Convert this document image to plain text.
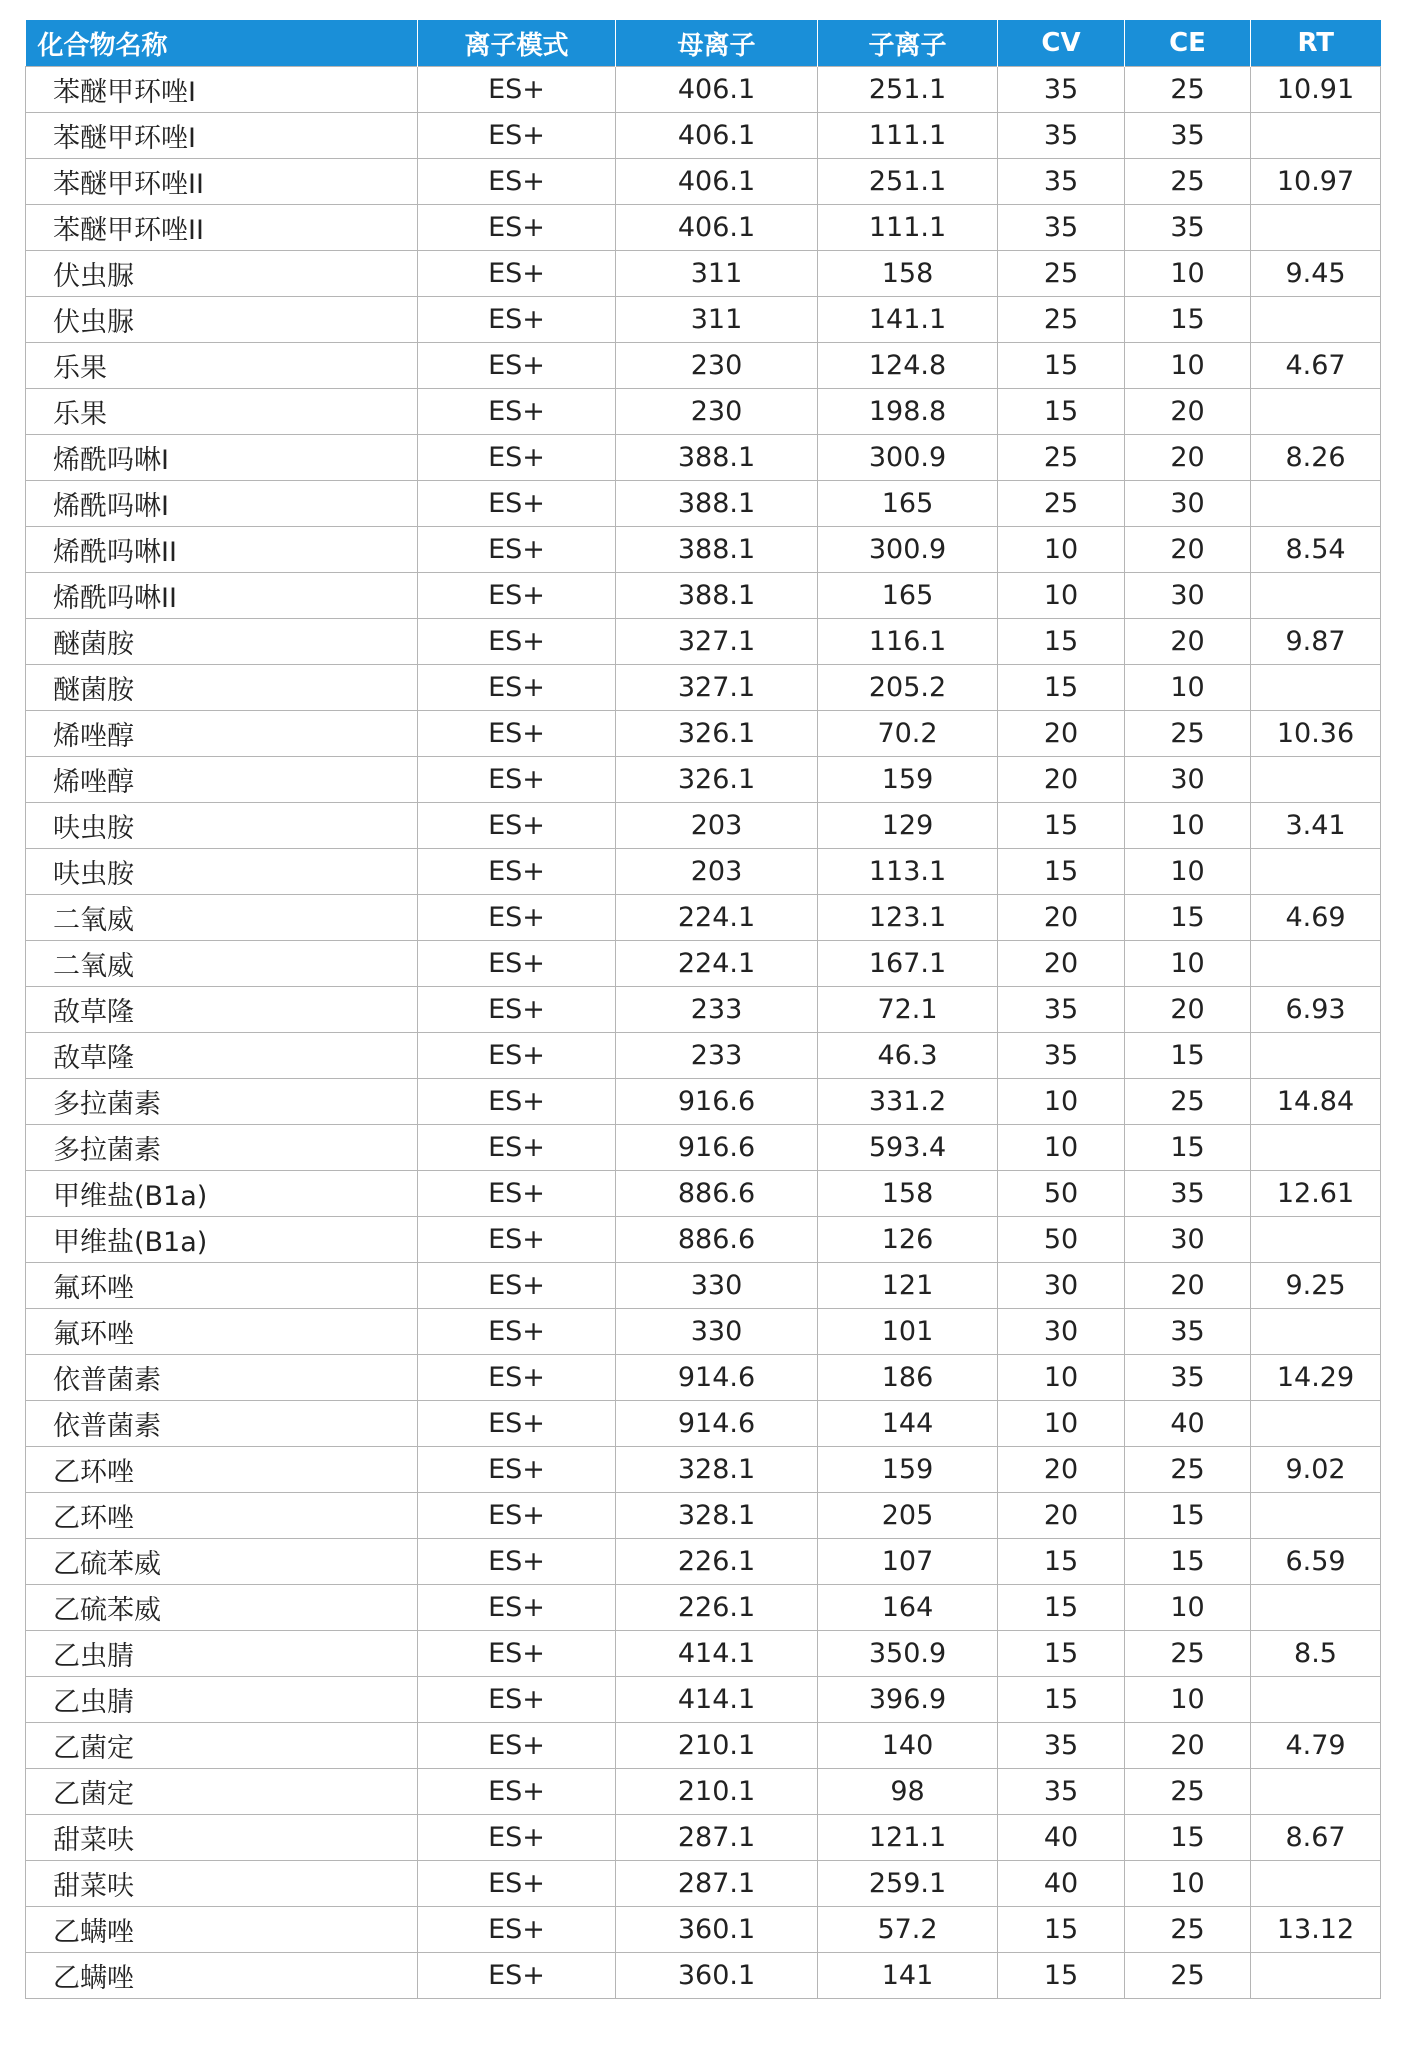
化合物名称	离子模式	母离子	子离子	CV	CE	RT
苯醚甲环唑I	ES+	406.1	251.1	35	25	10.91
苯醚甲环唑I	ES+	406.1	111.1	35	35	
苯醚甲环唑II	ES+	406.1	251.1	35	25	10.97
苯醚甲环唑II	ES+	406.1	111.1	35	35	
伏虫脲	ES+	311	158	25	10	9.45
伏虫脲	ES+	311	141.1	25	15	
乐果	ES+	230	124.8	15	10	4.67
乐果	ES+	230	198.8	15	20	
烯酰吗啉I	ES+	388.1	300.9	25	20	8.26
烯酰吗啉I	ES+	388.1	165	25	30	
烯酰吗啉II	ES+	388.1	300.9	10	20	8.54
烯酰吗啉II	ES+	388.1	165	10	30	
醚菌胺	ES+	327.1	116.1	15	20	9.87
醚菌胺	ES+	327.1	205.2	15	10	
烯唑醇	ES+	326.1	70.2	20	25	10.36
烯唑醇	ES+	326.1	159	20	30	
呋虫胺	ES+	203	129	15	10	3.41
呋虫胺	ES+	203	113.1	15	10	
二氧威	ES+	224.1	123.1	20	15	4.69
二氧威	ES+	224.1	167.1	20	10	
敌草隆	ES+	233	72.1	35	20	6.93
敌草隆	ES+	233	46.3	35	15	
多拉菌素	ES+	916.6	331.2	10	25	14.84
多拉菌素	ES+	916.6	593.4	10	15	
甲维盐(B1a)	ES+	886.6	158	50	35	12.61
甲维盐(B1a)	ES+	886.6	126	50	30	
氟环唑	ES+	330	121	30	20	9.25
氟环唑	ES+	330	101	30	35	
依普菌素	ES+	914.6	186	10	35	14.29
依普菌素	ES+	914.6	144	10	40	
乙环唑	ES+	328.1	159	20	25	9.02
乙环唑	ES+	328.1	205	20	15	
乙硫苯威	ES+	226.1	107	15	15	6.59
乙硫苯威	ES+	226.1	164	15	10	
乙虫腈	ES+	414.1	350.9	15	25	8.5
乙虫腈	ES+	414.1	396.9	15	10	
乙菌定	ES+	210.1	140	35	20	4.79
乙菌定	ES+	210.1	98	35	25	
甜菜呋	ES+	287.1	121.1	40	15	8.67
甜菜呋	ES+	287.1	259.1	40	10	
乙螨唑	ES+	360.1	57.2	15	25	13.12
乙螨唑	ES+	360.1	141	15	25	
